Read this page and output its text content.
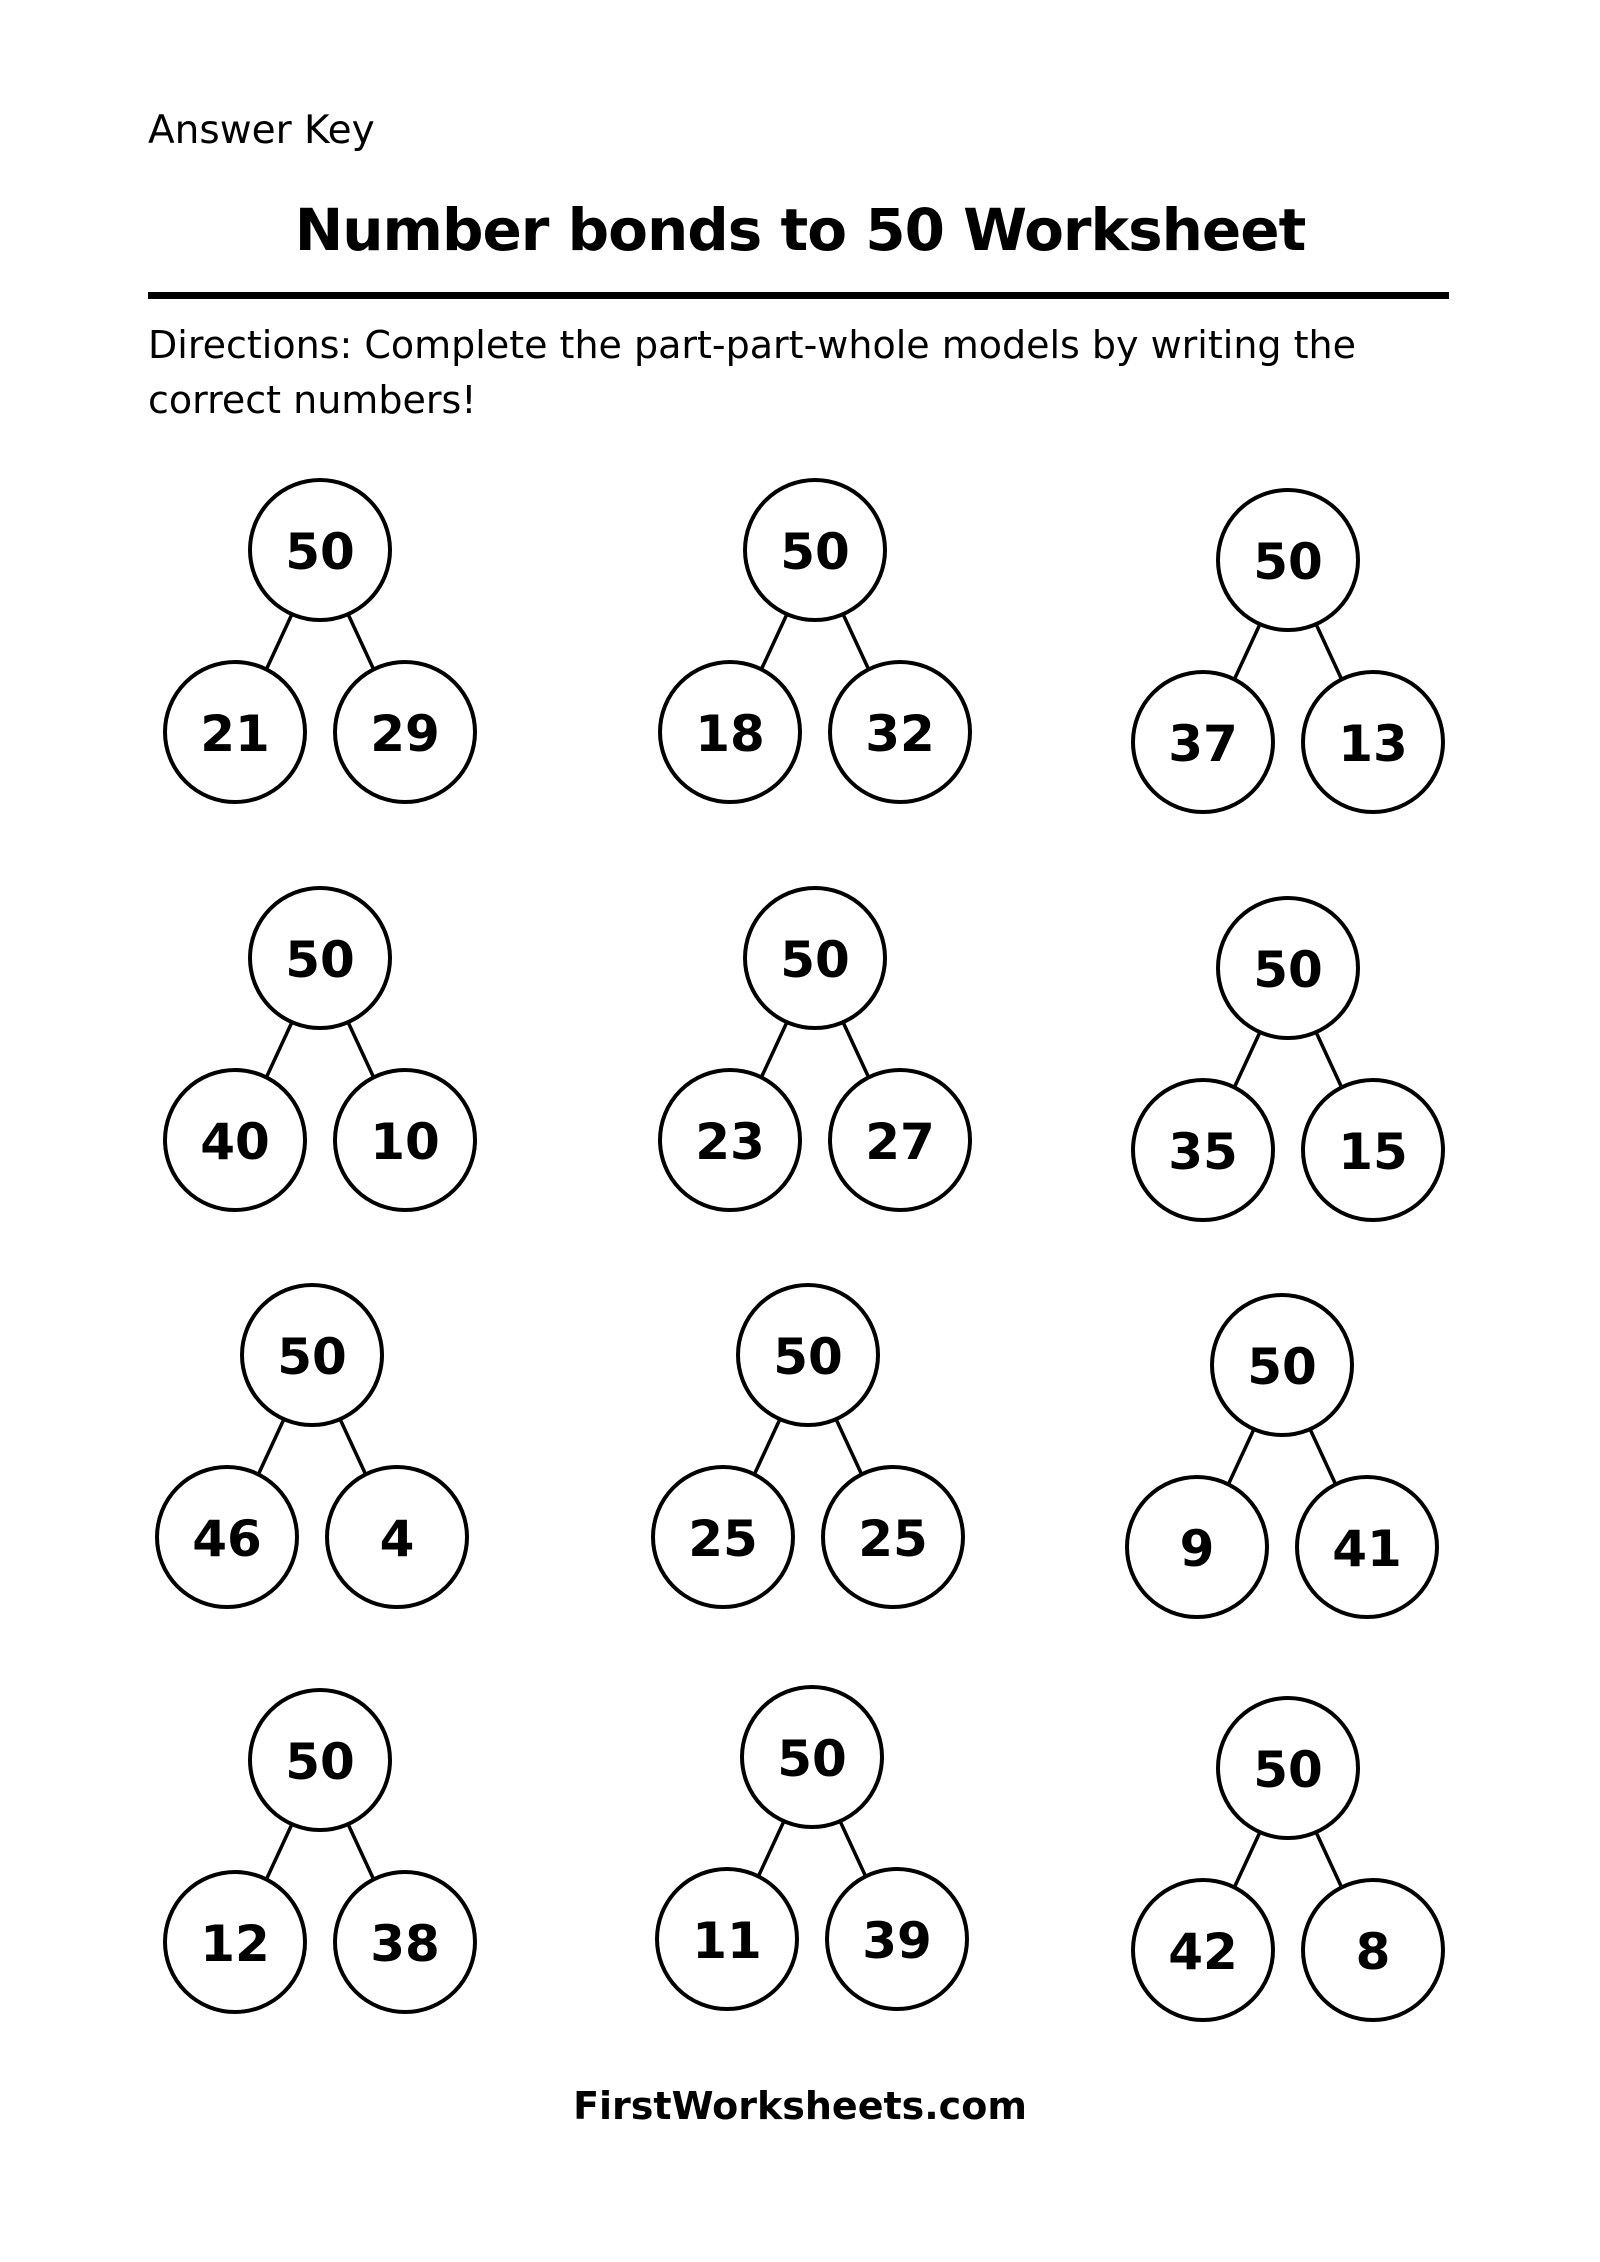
Answer Key
Number bonds to 50 Worksheet
Directions: Complete the part-part-whole models by writing the correct numbers!
50
21 29
50
18 32
50
37 13
50
40 10
50
23 27
50
35 15
50
46 4
50
25 25
50
9 41
50
12 38
50
11 39
50
42 8
FirstWorksheets.com
